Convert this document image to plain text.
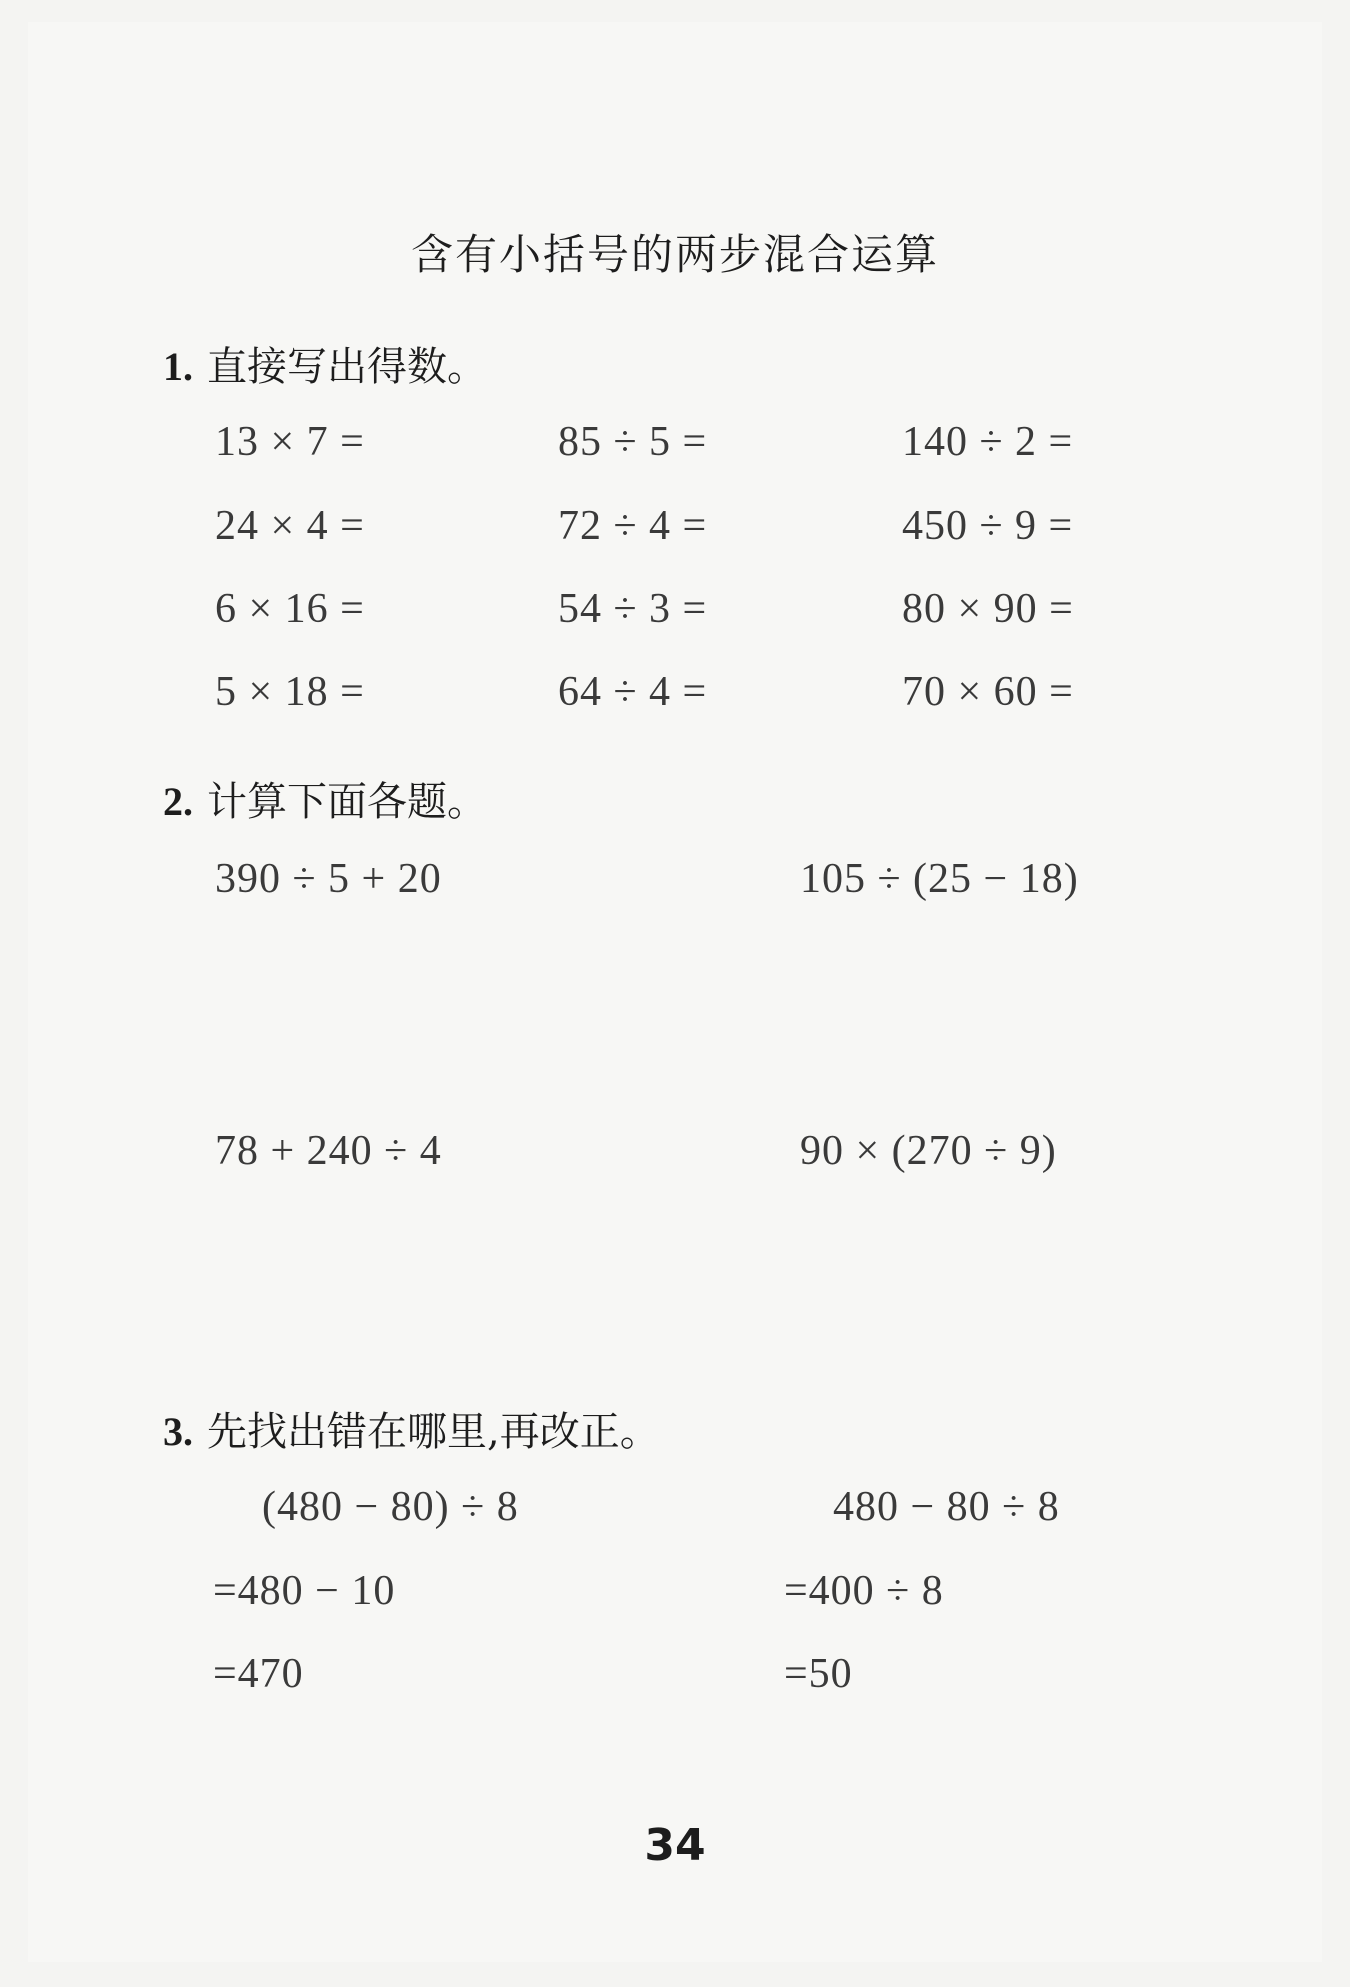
含有小括号的两步混合运算
1. 直接写出得数。
13 × 7 =	85 ÷ 5 =	140 ÷ 2 =
24 × 4 =	72 ÷ 4 =	450 ÷ 9 =
6 × 16 =	54 ÷ 3 =	80 × 90 =
5 × 18 =	64 ÷ 4 =	70 × 60 =
2. 计算下面各题。
390 ÷ 5 + 20	105 ÷ (25 − 18)
78 + 240 ÷ 4	90 × (270 ÷ 9)
3. 先找出错在哪里,再改正。
(480 − 80) ÷ 8
=480 − 10
=470
480 − 80 ÷ 8
=400 ÷ 8
=50
34
